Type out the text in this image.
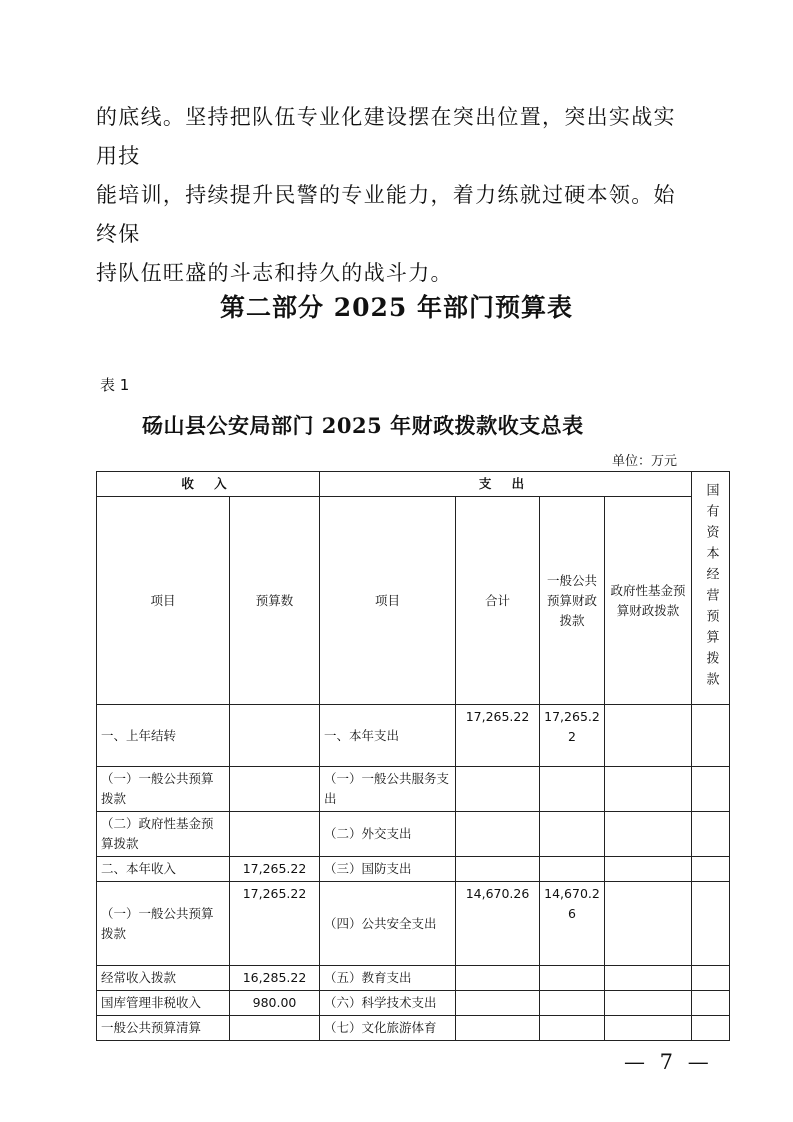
的底线。坚持把队伍专业化建设摆在突出位置，突出实战实用技
能培训，持续提升民警的专业能力，着力练就过硬本领。始终保
持队伍旺盛的斗志和持久的战斗力。
第二部分 2025 年部门预算表
表 1
砀山县公安局部门 2025 年财政拨款收支总表
单位：万元
收 入		支 出				国有资本经营预算拨款

项目	预算数	项目	合计	一般公共预算财政拨款	政府性基金预算财政拨款	
一、上年结转		一、本年支出	17,265.22	17,265.22		
（一）一般公共预算拨款		（一）一般公共服务支出				
（二）政府性基金预算拨款		（二）外交支出				
二、本年收入	17,265.22	（三）国防支出				
（一）一般公共预算拨款	17,265.22	（四）公共安全支出	14,670.26	14,670.26		
经常收入拨款	16,285.22	（五）教育支出				
国库管理非税收入	980.00	（六）科学技术支出				
一般公共预算清算		（七）文化旅游体育				
— 7 —
